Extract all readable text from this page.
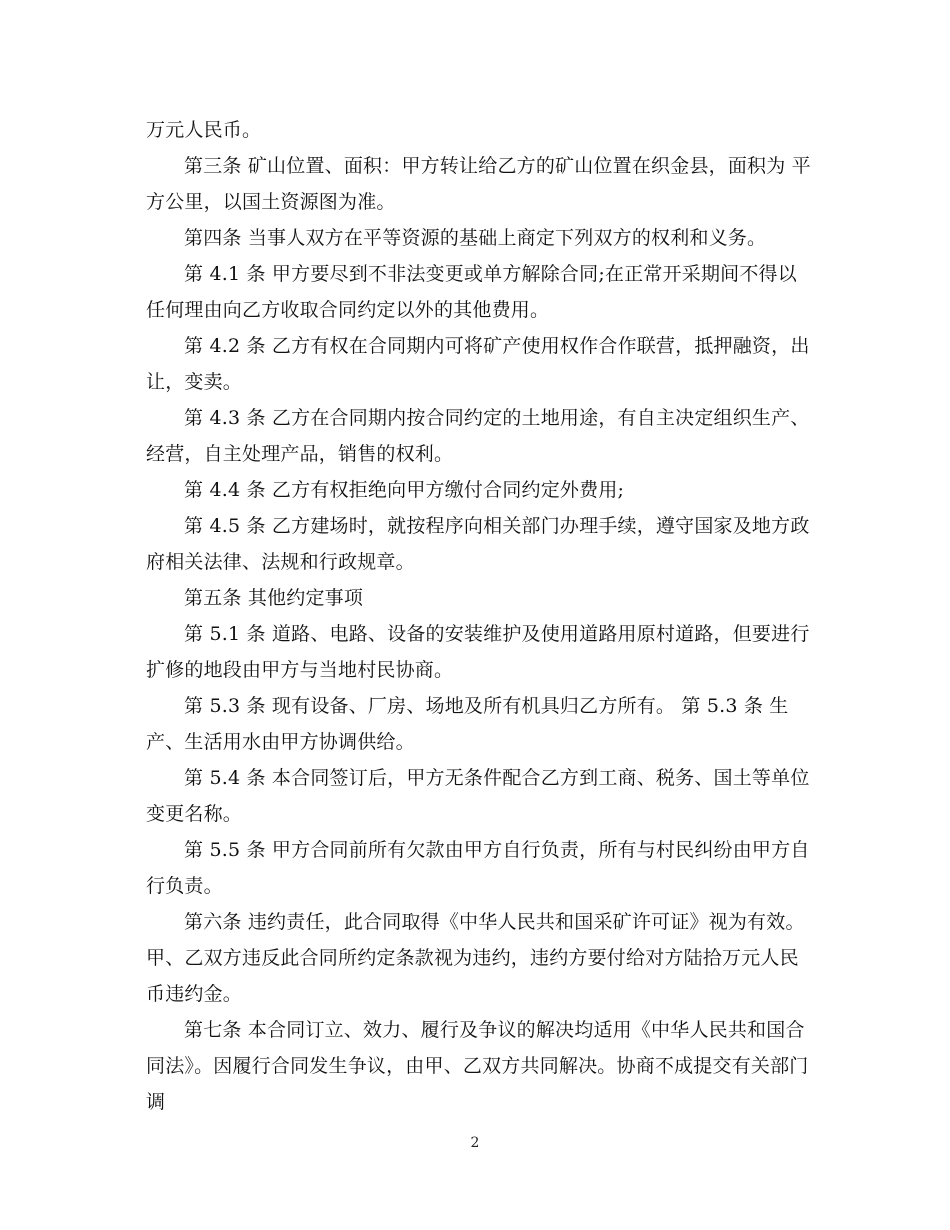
万元人民币。

第三条 矿山位置、面积：甲方转让给乙方的矿山位置在织金县，面积为 平方公里，以国土资源图为准。

第四条 当事人双方在平等资源的基础上商定下列双方的权利和义务。

第 4.1 条 甲方要尽到不非法变更或单方解除合同;在正常开采期间不得以任何理由向乙方收取合同约定以外的其他费用。

第 4.2 条 乙方有权在合同期内可将矿产使用权作合作联营，抵押融资，出让，变卖。

第 4.3 条 乙方在合同期内按合同约定的土地用途，有自主决定组织生产、经营，自主处理产品，销售的权利。

第 4.4 条 乙方有权拒绝向甲方缴付合同约定外费用;

第 4.5 条 乙方建场时，就按程序向相关部门办理手续，遵守国家及地方政府相关法律、法规和行政规章。

第五条 其他约定事项

第 5.1 条 道路、电路、设备的安装维护及使用道路用原村道路，但要进行扩修的地段由甲方与当地村民协商。

第 5.3 条 现有设备、厂房、场地及所有机具归乙方所有。 第 5.3 条 生产、生活用水由甲方协调供给。

第 5.4 条 本合同签订后，甲方无条件配合乙方到工商、税务、国土等单位变更名称。

第 5.5 条 甲方合同前所有欠款由甲方自行负责，所有与村民纠纷由甲方自行负责。

第六条 违约责任，此合同取得《中华人民共和国采矿许可证》视为有效。

甲、乙双方违反此合同所约定条款视为违约，违约方要付给对方陆拾万元人民币违约金。

第七条 本合同订立、效力、履行及争议的解决均适用《中华人民共和国合同法》。因履行合同发生争议，由甲、乙双方共同解决。协商不成提交有关部门调

2
